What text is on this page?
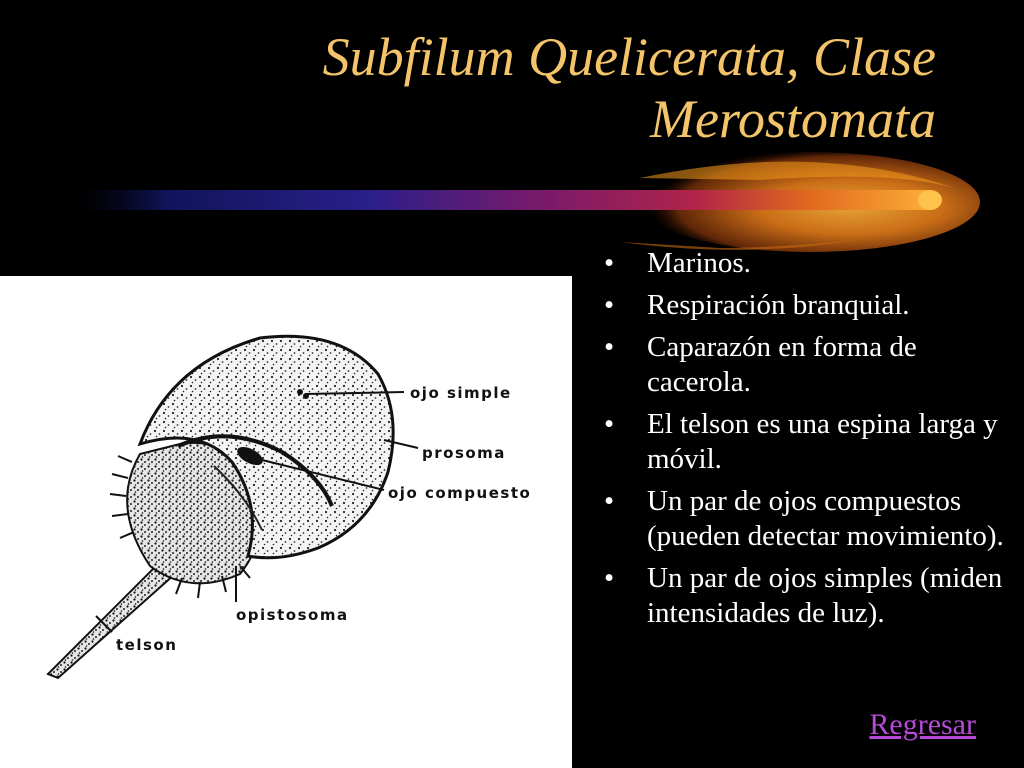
Subfilum Quelicerata, Clase
Merostomata
ojo simple
prosoma
ojo compuesto
opistosoma
telson
• Marinos.
• Respiración branquial.
• Caparazón en forma de cacerola.
• El telson es una espina larga y móvil.
• Un par de ojos compuestos (pueden detectar movimiento).
• Un par de ojos simples (miden intensidades de luz).
Regresar
